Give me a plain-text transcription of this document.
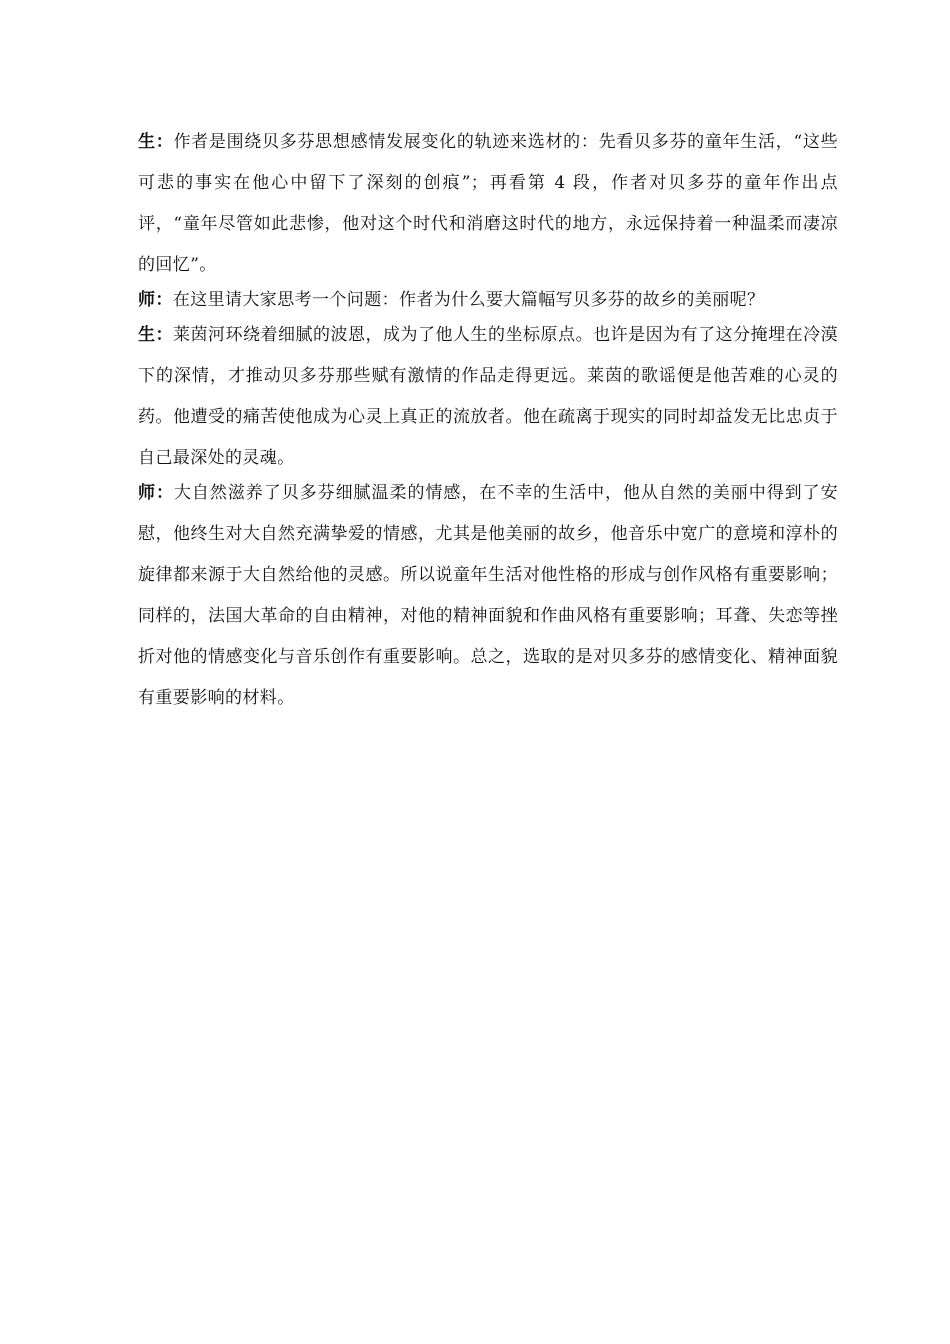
生：作者是围绕贝多芬思想感情发展变化的轨迹来选材的：先看贝多芬的童年生活，“这些可悲的事实在他心中留下了深刻的创痕”；再看第 4 段，作者对贝多芬的童年作出点评，“童年尽管如此悲惨，他对这个时代和消磨这时代的地方，永远保持着一种温柔而凄凉的回忆”。

师：在这里请大家思考一个问题：作者为什么要大篇幅写贝多芬的故乡的美丽呢？

生：莱茵河环绕着细腻的波恩，成为了他人生的坐标原点。也许是因为有了这分掩埋在冷漠下的深情，才推动贝多芬那些赋有激情的作品走得更远。莱茵的歌谣便是他苦难的心灵的药。他遭受的痛苦使他成为心灵上真正的流放者。他在疏离于现实的同时却益发无比忠贞于自己最深处的灵魂。

师：大自然滋养了贝多芬细腻温柔的情感，在不幸的生活中，他从自然的美丽中得到了安慰，他终生对大自然充满挚爱的情感，尤其是他美丽的故乡，他音乐中宽广的意境和淳朴的旋律都来源于大自然给他的灵感。所以说童年生活对他性格的形成与创作风格有重要影响；同样的，法国大革命的自由精神，对他的精神面貌和作曲风格有重要影响；耳聋、失恋等挫折对他的情感变化与音乐创作有重要影响。总之，选取的是对贝多芬的感情变化、精神面貌有重要影响的材料。
